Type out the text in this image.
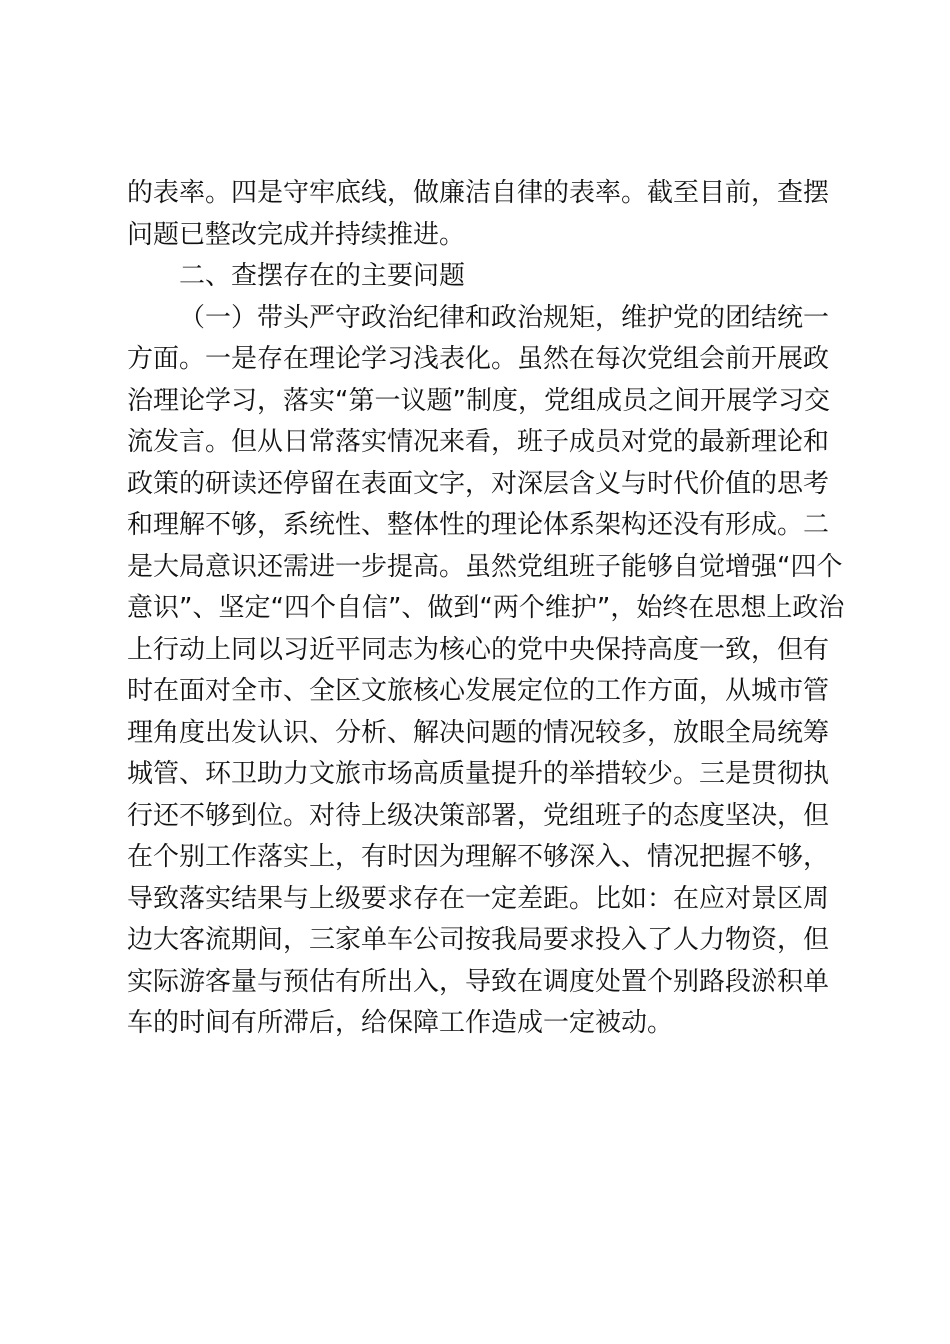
的表率。四是守牢底线，做廉洁自律的表率。截至目前，查摆
问题已整改完成并持续推进。
二、查摆存在的主要问题
（一）带头严守政治纪律和政治规矩，维护党的团结统一
方面。一是存在理论学习浅表化。虽然在每次党组会前开展政
治理论学习，落实“第一议题”制度，党组成员之间开展学习交
流发言。但从日常落实情况来看，班子成员对党的最新理论和
政策的研读还停留在表面文字，对深层含义与时代价值的思考
和理解不够，系统性、整体性的理论体系架构还没有形成。二
是大局意识还需进一步提高。虽然党组班子能够自觉增强“四个
意识”、坚定“四个自信”、做到“两个维护”，始终在思想上政治
上行动上同以习近平同志为核心的党中央保持高度一致，但有
时在面对全市、全区文旅核心发展定位的工作方面，从城市管
理角度出发认识、分析、解决问题的情况较多，放眼全局统筹
城管、环卫助力文旅市场高质量提升的举措较少。三是贯彻执
行还不够到位。对待上级决策部署，党组班子的态度坚决，但
在个别工作落实上，有时因为理解不够深入、情况把握不够，
导致落实结果与上级要求存在一定差距。比如：在应对景区周
边大客流期间，三家单车公司按我局要求投入了人力物资，但
实际游客量与预估有所出入，导致在调度处置个别路段淤积单
车的时间有所滞后，给保障工作造成一定被动。
